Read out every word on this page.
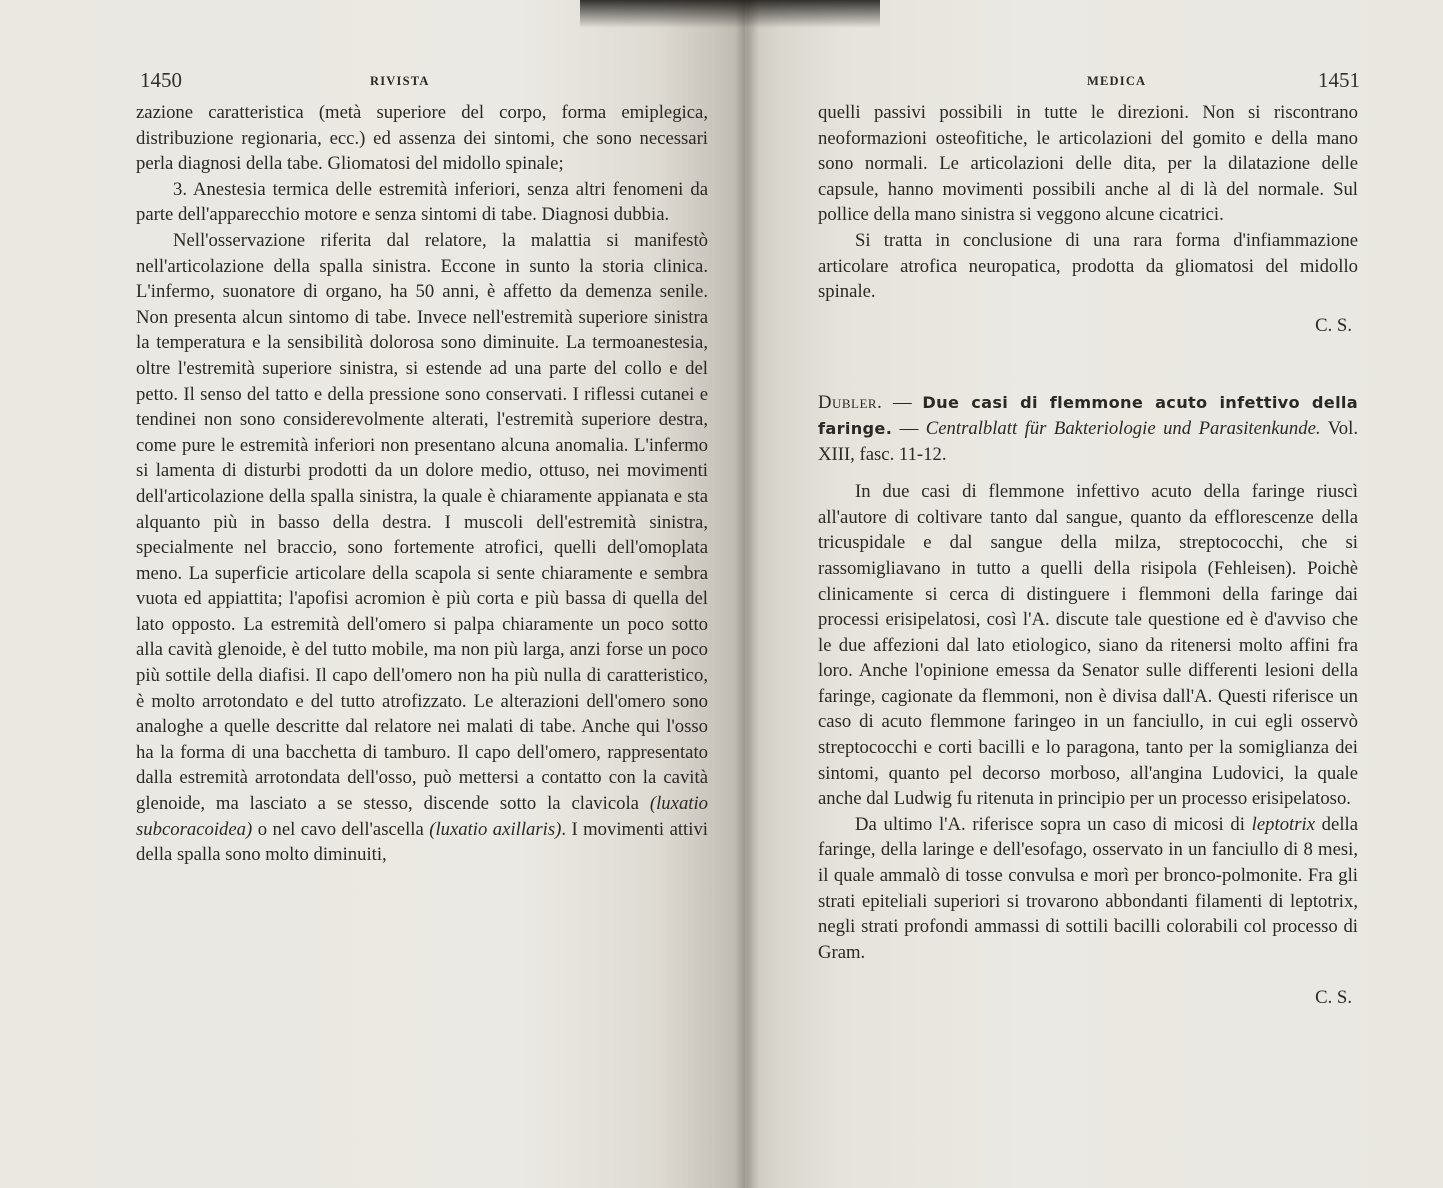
1450	RIVISTA

zazione caratteristica (metà superiore del corpo, forma emiplegica, distribuzione regionaria, ecc.) ed assenza dei sintomi, che sono necessari perla diagnosi della tabe. Gliomatosi del midollo spinale;

3. Anestesia termica delle estremità inferiori, senza altri fenomeni da parte dell'apparecchio motore e senza sintomi di tabe. Diagnosi dubbia.

Nell'osservazione riferita dal relatore, la malattia si manifestò nell'articolazione della spalla sinistra. Eccone in sunto la storia clinica. L'infermo, suonatore di organo, ha 50 anni, è affetto da demenza senile. Non presenta alcun sintomo di tabe. Invece nell'estremità superiore sinistra la temperatura e la sensibilità dolorosa sono diminuite. La termoanestesia, oltre l'estremità superiore sinistra, si estende ad una parte del collo e del petto. Il senso del tatto e della pressione sono conservati. I riflessi cutanei e tendinei non sono considerevolmente alterati, l'estremità superiore destra, come pure le estremità inferiori non presentano alcuna anomalia. L'infermo si lamenta di disturbi prodotti da un dolore medio, ottuso, nei movimenti dell'articolazione della spalla sinistra, la quale è chiaramente appianata e sta alquanto più in basso della destra. I muscoli dell'estremità sinistra, specialmente nel braccio, sono fortemente atrofici, quelli dell'omoplata meno. La superficie articolare della scapola si sente chiaramente e sembra vuota ed appiattita; l'apofisi acromion è più corta e più bassa di quella del lato opposto. La estremità dell'omero si palpa chiaramente un poco sotto alla cavità glenoide, è del tutto mobile, ma non più larga, anzi forse un poco più sottile della diafisi. Il capo dell'omero non ha più nulla di caratteristico, è molto arrotondato e del tutto atrofizzato. Le alterazioni dell'omero sono analoghe a quelle descritte dal relatore nei malati di tabe. Anche qui l'osso ha la forma di una bacchetta di tamburo. Il capo dell'omero, rappresentato dalla estremità arrotondata dell'osso, può mettersi a contatto con la cavità glenoide, ma lasciato a se stesso, discende sotto la clavicola (luxatio subcoracoidea) o nel cavo dell'ascella (luxatio axillaris). I movimenti attivi della spalla sono molto diminuiti,

MEDICA	1451

quelli passivi possibili in tutte le direzioni. Non si riscontrano neoformazioni osteofitiche, le articolazioni del gomito e della mano sono normali. Le articolazioni delle dita, per la dilatazione delle capsule, hanno movimenti possibili anche al di là del normale. Sul pollice della mano sinistra si veggono alcune cicatrici.

Si tratta in conclusione di una rara forma d'infiammazione articolare atrofica neuropatica, prodotta da gliomatosi del midollo spinale.

C. S.

Dubler. — Due casi di flemmone acuto infettivo della faringe. — Centralblatt für Bakteriologie und Parasitenkunde. Vol. XIII, fasc. 11-12.

In due casi di flemmone infettivo acuto della faringe riuscì all'autore di coltivare tanto dal sangue, quanto da efflorescenze della tricuspidale e dal sangue della milza, streptococchi, che si rassomigliavano in tutto a quelli della risipola (Fehleisen). Poichè clinicamente si cerca di distinguere i flemmoni della faringe dai processi erisipelatosi, così l'A. discute tale questione ed è d'avviso che le due affezioni dal lato etiologico, siano da ritenersi molto affini fra loro. Anche l'opinione emessa da Senator sulle differenti lesioni della faringe, cagionate da flemmoni, non è divisa dall'A. Questi riferisce un caso di acuto flemmone faringeo in un fanciullo, in cui egli osservò streptococchi e corti bacilli e lo paragona, tanto per la somiglianza dei sintomi, quanto pel decorso morboso, all'angina Ludovici, la quale anche dal Ludwig fu ritenuta in principio per un processo erisipelatoso.

Da ultimo l'A. riferisce sopra un caso di micosi di leptotrix della faringe, della laringe e dell'esofago, osservato in un fanciullo di 8 mesi, il quale ammalò di tosse convulsa e morì per bronco-polmonite. Fra gli strati epiteliali superiori si trovarono abbondanti filamenti di leptotrix, negli strati profondi ammassi di sottili bacilli colorabili col processo di Gram.

C. S.
